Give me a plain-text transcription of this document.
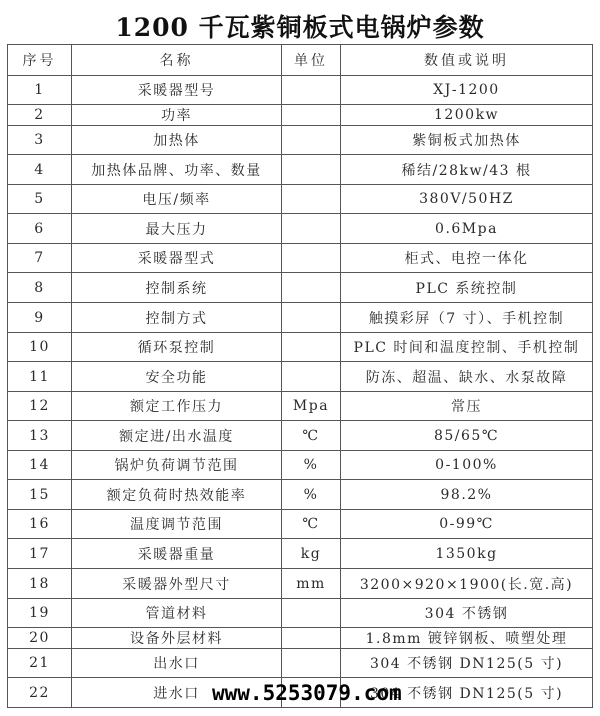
1200 千瓦紫铜板式电锅炉参数
序号	名称	单位	数值或说明
1	采暖器型号		XJ-1200
2	功率		1200kw
3	加热体		紫铜板式加热体
4	加热体品牌、功率、数量		稀结/28kw/43 根
5	电压/频率		380V/50HZ
6	最大压力		0.6Mpa
7	采暖器型式		柜式、电控一体化
8	控制系统		PLC 系统控制
9	控制方式		触摸彩屏（7 寸）、手机控制
10	循环泵控制		PLC 时间和温度控制、手机控制
11	安全功能		防冻、超温、缺水、水泵故障
12	额定工作压力	Mpa	常压
13	额定进/出水温度	℃	85/65℃
14	锅炉负荷调节范围	%	0-100%
15	额定负荷时热效能率	%	98.2%
16	温度调节范围	℃	0-99℃
17	采暖器重量	kg	1350kg
18	采暖器外型尺寸	mm	3200×920×1900(长.宽.高)
19	管道材料		304 不锈钢
20	设备外层材料		1.8mm 镀锌钢板、喷塑处理
21	出水口		304 不锈钢 DN125(5 寸)
22	进水口		304 不锈钢 DN125(5 寸)
www.5253079.com
